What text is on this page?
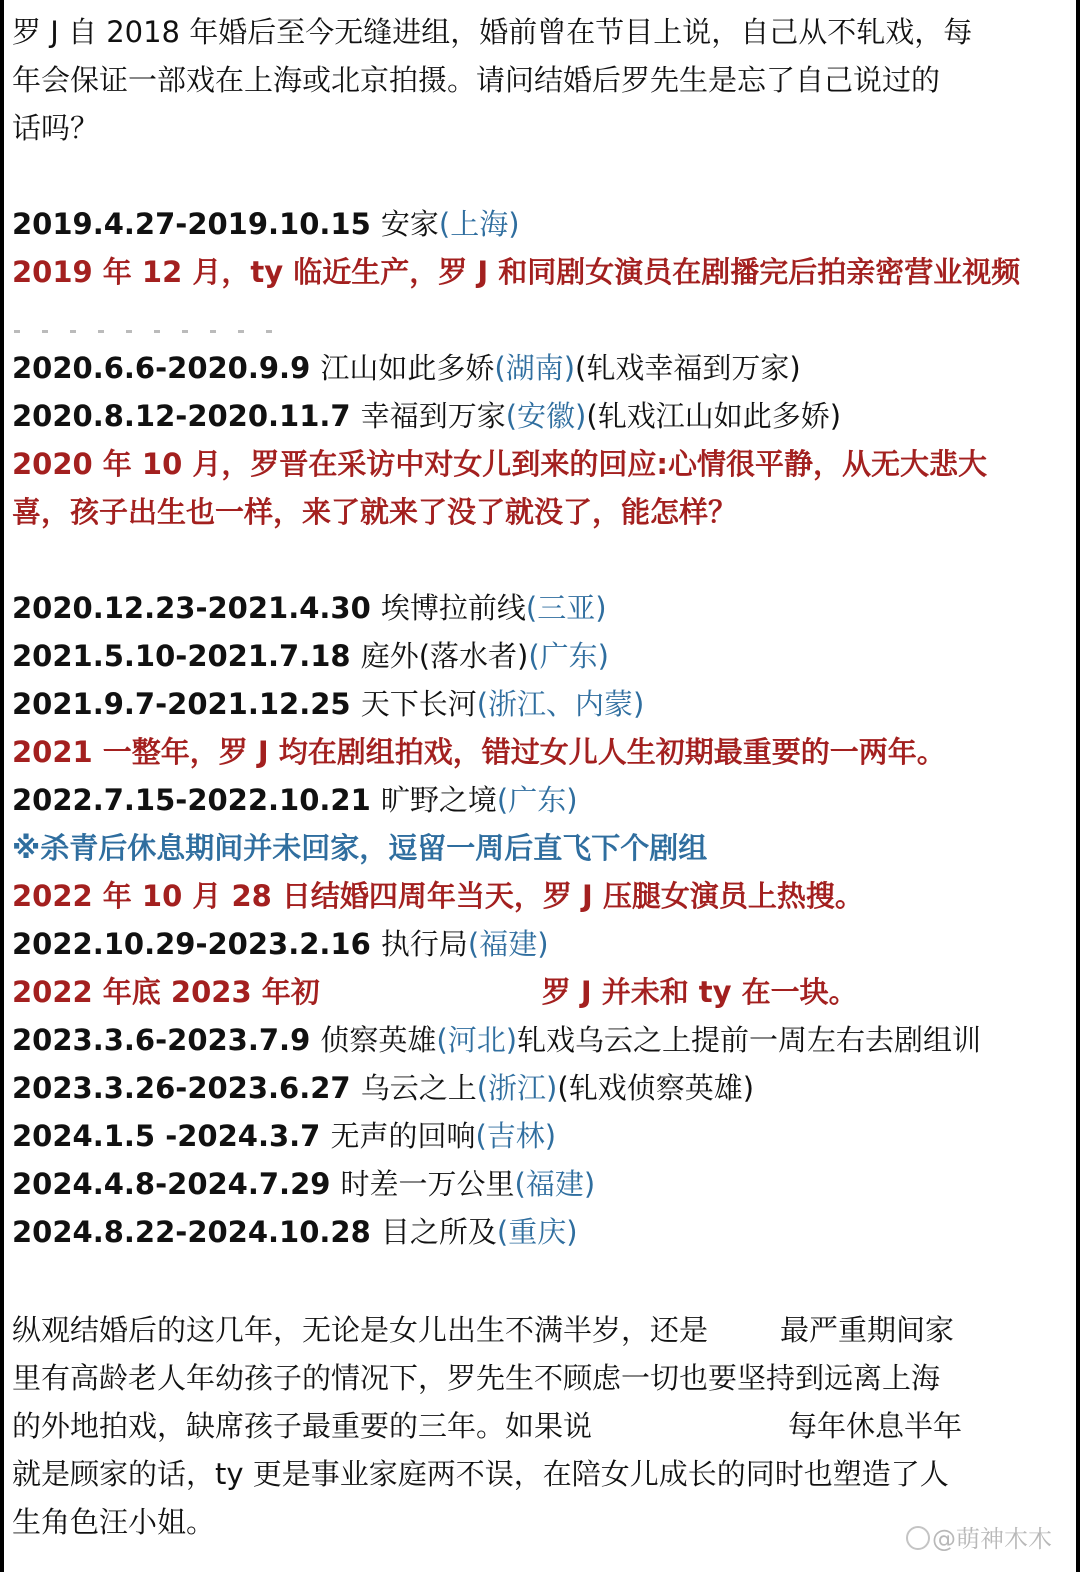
罗 J 自 2018 年婚后至今无缝进组，婚前曾在节目上说，自己从不轧戏，每
年会保证一部戏在上海或北京拍摄。请问结婚后罗先生是忘了自己说过的
话吗？
2019.4.27-2019.10.15 安家(上海)
2019 年 12 月，ty 临近生产，罗 J 和同剧女演员在剧播完后拍亲密营业视频
2020.6.6-2020.9.9 江山如此多娇(湖南)(轧戏幸福到万家)
2020.8.12-2020.11.7 幸福到万家(安徽)(轧戏江山如此多娇)
2020 年 10 月，罗晋在采访中对女儿到来的回应:心情很平静，从无大悲大
喜，孩子出生也一样，来了就来了没了就没了，能怎样？
2020.12.23-2021.4.30 埃博拉前线(三亚)
2021.5.10-2021.7.18 庭外(落水者)(广东)
2021.9.7-2021.12.25 天下长河(浙江、内蒙)
2021 一整年，罗 J 均在剧组拍戏，错过女儿人生初期最重要的一两年。
2022.7.15-2022.10.21 旷野之境(广东)
※杀青后休息期间并未回家，逗留一周后直飞下个剧组
2022 年 10 月 28 日结婚四周年当天，罗 J 压腿女演员上热搜。
2022.10.29-2023.2.16 执行局(福建)
2022 年底 2023 年初	罗 J 并未和 ty 在一块。
2023.3.6-2023.7.9 侦察英雄(河北)轧戏乌云之上提前一周左右去剧组训
2023.3.26-2023.6.27 乌云之上(浙江)(轧戏侦察英雄)
2024.1.5 -2024.3.7 无声的回响(吉林)
2024.4.8-2024.7.29 时差一万公里(福建)
2024.8.22-2024.10.28 目之所及(重庆)
纵观结婚后的这几年，无论是女儿出生不满半岁，还是 最严重期间家
里有高龄老人年幼孩子的情况下，罗先生不顾虑一切也要坚持到远离上海
的外地拍戏，缺席孩子最重要的三年。如果说	每年休息半年
就是顾家的话，ty 更是事业家庭两不误，在陪女儿成长的同时也塑造了人
生角色汪小姐。	@萌神木木
